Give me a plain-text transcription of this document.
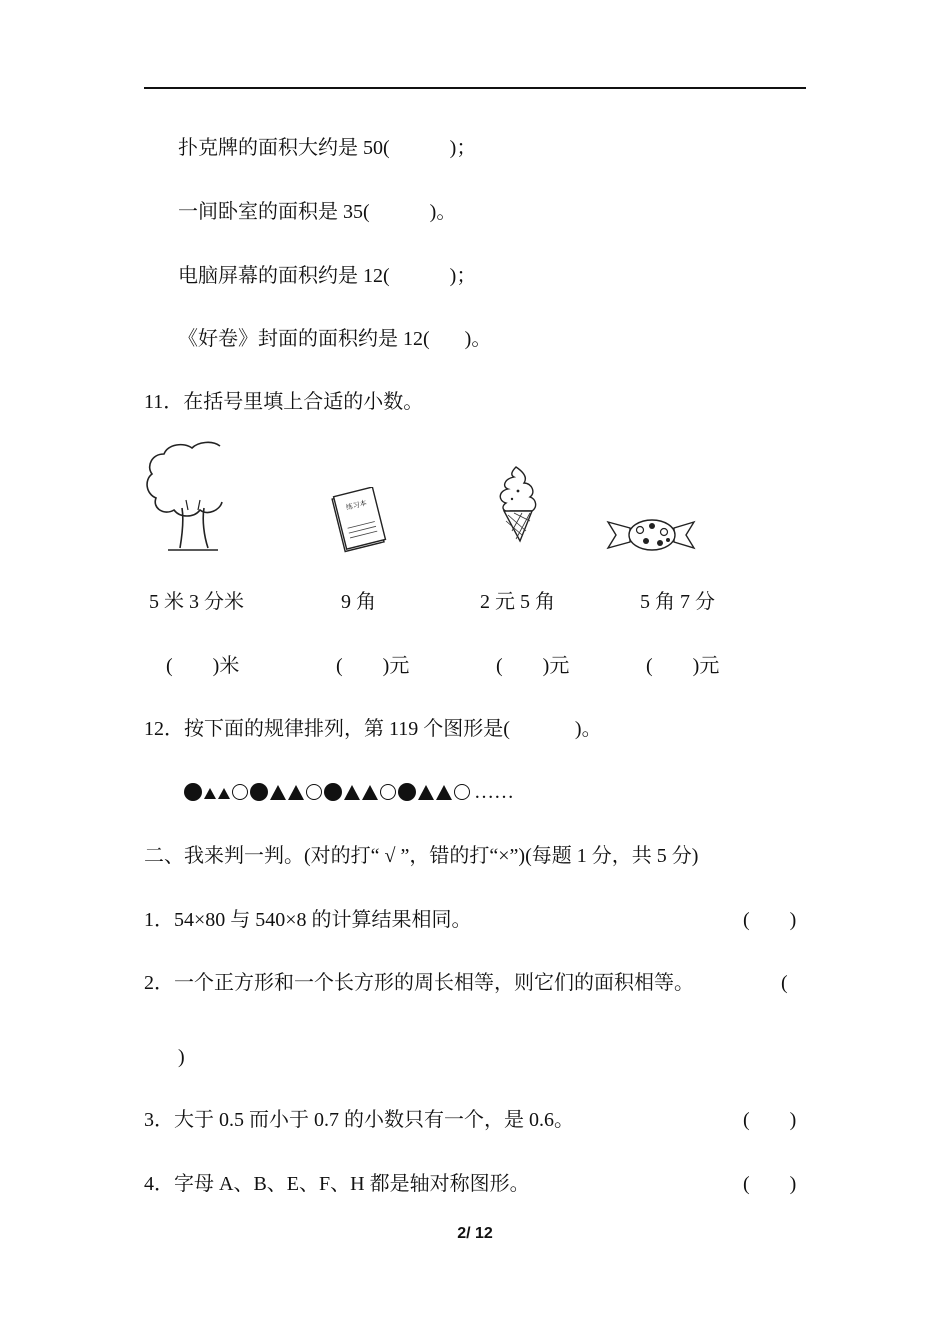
扑克牌的面积大约是 50(            )；
一间卧室的面积是 35(            )。
电脑屏幕的面积约是 12(            )；
《好卷》封面的面积约是 12(       )。
11．在括号里填上合适的小数。
练习本
5 米 3 分米	9 角	2 元 5 角	5 角 7 分
(        )米	(        )元	(        )元	(        )元
12．按下面的规律排列，第 119 个图形是(             )。
……
二、我来判一判。(对的打“ √ ”，错的打“×”)(每题 1 分，共 5 分)
1．54×80 与 540×8 的计算结果相同。	(        )
2．一个正方形和一个长方形的周长相等，则它们的面积相等。	(
)
3．大于 0.5 而小于 0.7 的小数只有一个，是 0.6。	(        )
4．字母 A、B、E、F、H 都是轴对称图形。	(        )
2/ 12
